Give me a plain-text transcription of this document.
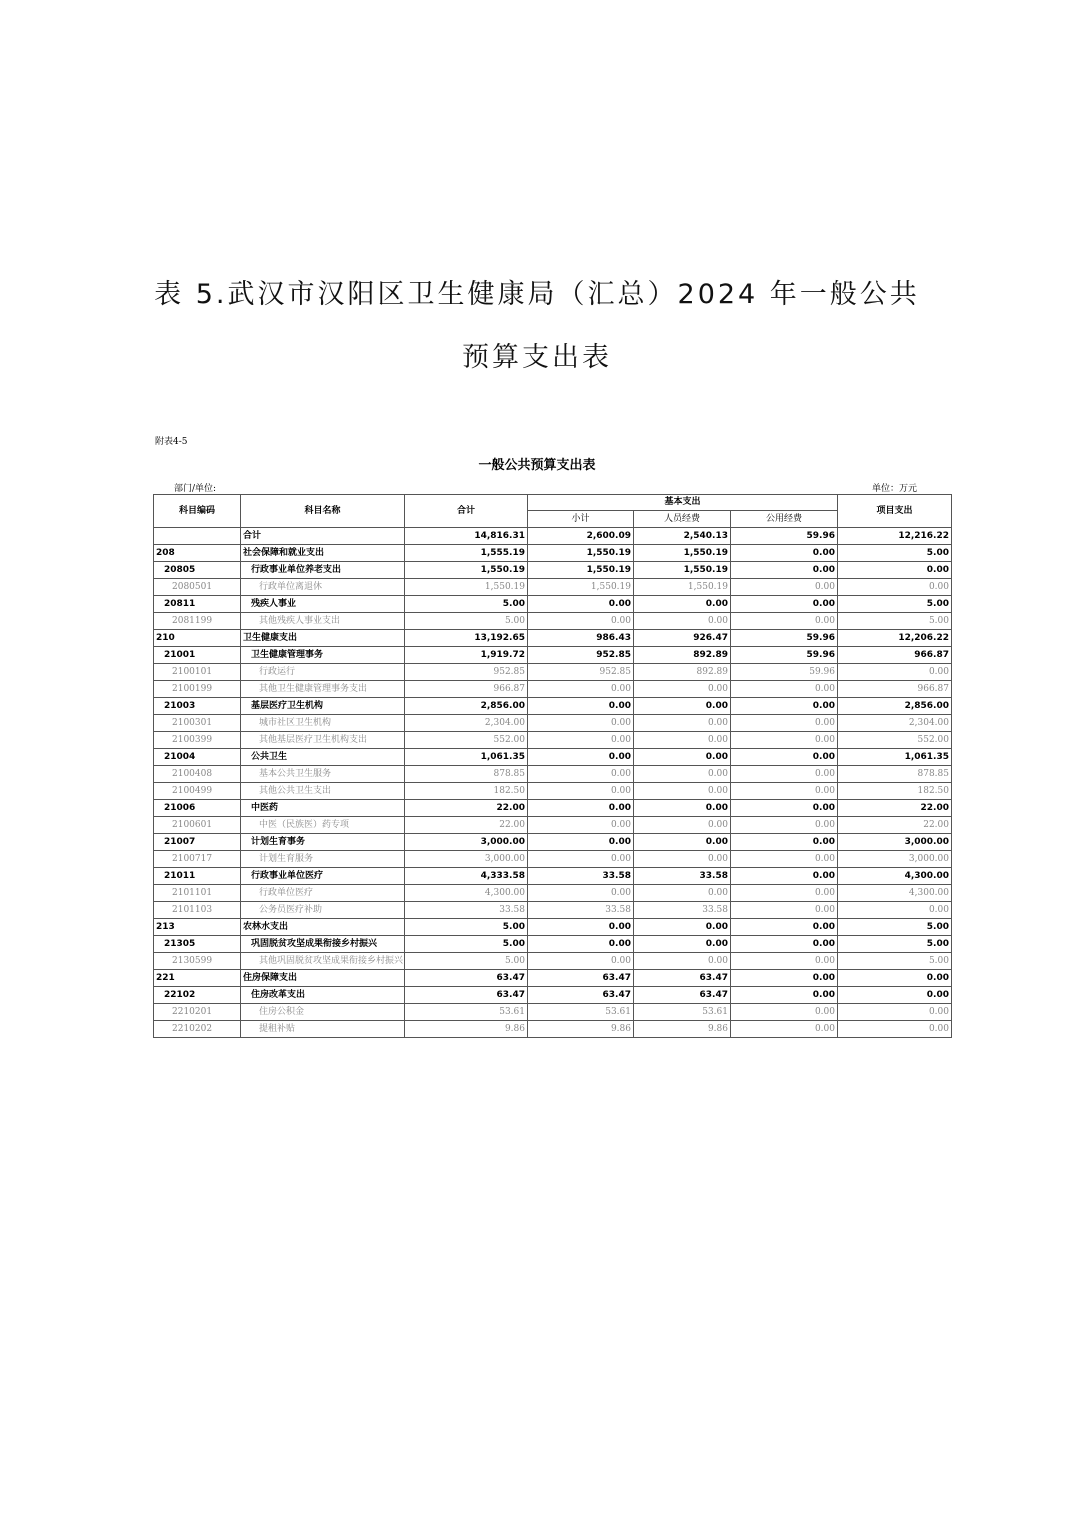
表 5.武汉市汉阳区卫生健康局（汇总）2024 年一般公共
预算支出表
附表4-5
一般公共预算支出表
部门/单位:	单位：万元
科目编码	科目名称	合计	基本支出			项目支出
			小计	人员经费	公用经费	
	合计	14,816.31	2,600.09	2,540.13	59.96	12,216.22
208	社会保障和就业支出	1,555.19	1,550.19	1,550.19	0.00	5.00
20805	行政事业单位养老支出	1,550.19	1,550.19	1,550.19	0.00	0.00
2080501	行政单位离退休	1,550.19	1,550.19	1,550.19	0.00	0.00
20811	残疾人事业	5.00	0.00	0.00	0.00	5.00
2081199	其他残疾人事业支出	5.00	0.00	0.00	0.00	5.00
210	卫生健康支出	13,192.65	986.43	926.47	59.96	12,206.22
21001	卫生健康管理事务	1,919.72	952.85	892.89	59.96	966.87
2100101	行政运行	952.85	952.85	892.89	59.96	0.00
2100199	其他卫生健康管理事务支出	966.87	0.00	0.00	0.00	966.87
21003	基层医疗卫生机构	2,856.00	0.00	0.00	0.00	2,856.00
2100301	城市社区卫生机构	2,304.00	0.00	0.00	0.00	2,304.00
2100399	其他基层医疗卫生机构支出	552.00	0.00	0.00	0.00	552.00
21004	公共卫生	1,061.35	0.00	0.00	0.00	1,061.35
2100408	基本公共卫生服务	878.85	0.00	0.00	0.00	878.85
2100499	其他公共卫生支出	182.50	0.00	0.00	0.00	182.50
21006	中医药	22.00	0.00	0.00	0.00	22.00
2100601	中医（民族医）药专项	22.00	0.00	0.00	0.00	22.00
21007	计划生育事务	3,000.00	0.00	0.00	0.00	3,000.00
2100717	计划生育服务	3,000.00	0.00	0.00	0.00	3,000.00
21011	行政事业单位医疗	4,333.58	33.58	33.58	0.00	4,300.00
2101101	行政单位医疗	4,300.00	0.00	0.00	0.00	4,300.00
2101103	公务员医疗补助	33.58	33.58	33.58	0.00	0.00
213	农林水支出	5.00	0.00	0.00	0.00	5.00
21305	巩固脱贫攻坚成果衔接乡村振兴	5.00	0.00	0.00	0.00	5.00
2130599	其他巩固脱贫攻坚成果衔接乡村振兴	5.00	0.00	0.00	0.00	5.00
221	住房保障支出	63.47	63.47	63.47	0.00	0.00
22102	住房改革支出	63.47	63.47	63.47	0.00	0.00
2210201	住房公积金	53.61	53.61	53.61	0.00	0.00
2210202	提租补贴	9.86	9.86	9.86	0.00	0.00
